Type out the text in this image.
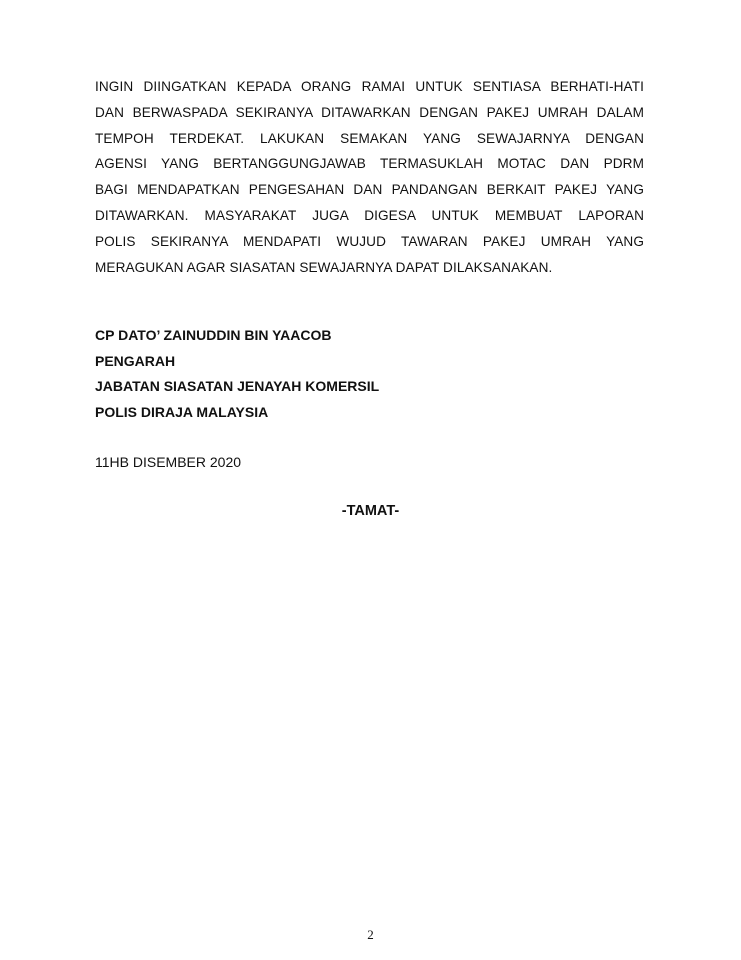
INGIN DIINGATKAN KEPADA ORANG RAMAI UNTUK SENTIASA BERHATI-HATI
DAN BERWASPADA SEKIRANYA DITAWARKAN DENGAN PAKEJ UMRAH DALAM
TEMPOH TERDEKAT. LAKUKAN SEMAKAN YANG SEWAJARNYA DENGAN
AGENSI YANG BERTANGGUNGJAWAB TERMASUKLAH MOTAC DAN PDRM
BAGI MENDAPATKAN PENGESAHAN DAN PANDANGAN BERKAIT PAKEJ YANG
DITAWARKAN. MASYARAKAT JUGA DIGESA UNTUK MEMBUAT LAPORAN
POLIS SEKIRANYA MENDAPATI WUJUD TAWARAN PAKEJ UMRAH YANG
MERAGUKAN AGAR SIASATAN SEWAJARNYA DAPAT DILAKSANAKAN.
CP DATO’ ZAINUDDIN BIN YAACOB
PENGARAH
JABATAN SIASATAN JENAYAH KOMERSIL
POLIS DIRAJA MALAYSIA
11HB DISEMBER 2020
-TAMAT-
2
